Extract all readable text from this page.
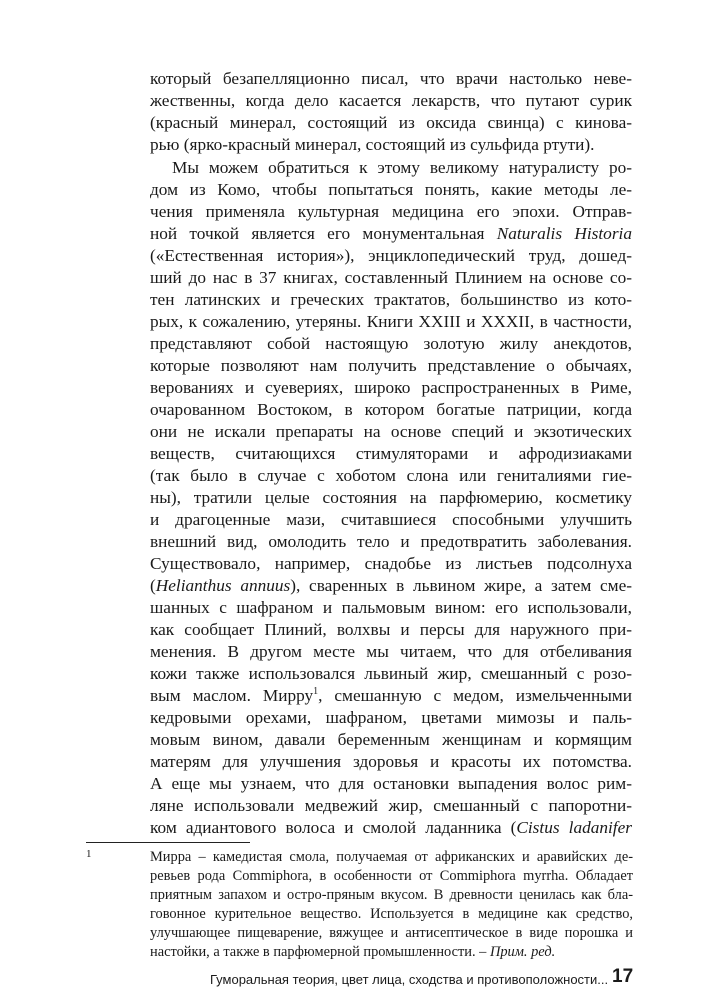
который безапелляционно писал, что врачи настолько неве-
жественны, когда дело касается лекарств, что путают сурик
(красный минерал, состоящий из оксида свинца) с кинова-
рью (ярко-красный минерал, состоящий из сульфида ртути).
Мы можем обратиться к этому великому натуралисту ро-
дом из Комо, чтобы попытаться понять, какие методы ле-
чения применяла культурная медицина его эпохи. Отправ-
ной точкой является его монументальная Naturalis Historia
(«Естественная история»), энциклопедический труд, дошед-
ший до нас в 37 книгах, составленный Плинием на основе со-
тен латинских и греческих трактатов, большинство из кото-
рых, к сожалению, утеряны. Книги XXIII и XXXII, в частности,
представляют собой настоящую золотую жилу анекдотов,
которые позволяют нам получить представление о обычаях,
верованиях и суевериях, широко распространенных в Риме,
очарованном Востоком, в котором богатые патриции, когда
они не искали препараты на основе специй и экзотических
веществ, считающихся стимуляторами и афродизиаками
(так было в случае с хоботом слона или гениталиями гие-
ны), тратили целые состояния на парфюмерию, косметику
и драгоценные мази, считавшиеся способными улучшить
внешний вид, омолодить тело и предотвратить заболевания.
Существовало, например, снадобье из листьев подсолнуха
(Helianthus annuus), сваренных в львином жире, а затем сме-
шанных с шафраном и пальмовым вином: его использовали,
как сообщает Плиний, волхвы и персы для наружного при-
менения. В другом месте мы читаем, что для отбеливания
кожи также использовался львиный жир, смешанный с розо-
вым маслом. Мирру$^1$, смешанную с медом, измельченными
кедровыми орехами, шафраном, цветами мимозы и паль-
мовым вином, давали беременным женщинам и кормящим
матерям для улучшения здоровья и красоты их потомства.
А еще мы узнаем, что для остановки выпадения волос рим-
ляне использовали медвежий жир, смешанный с папоротни-
ком адиантового волоса и смолой ладанника (Cistus ladanifer
1	Мирра – камедистая смола, получаемая от африканских и аравийских де-
ревьев рода Commiphora, в особенности от Commiphora myrrha. Обладает
приятным запахом и остро-пряным вкусом. В древности ценилась как бла-
говонное курительное вещество. Используется в медицине как средство,
улучшающее пищеварение, вяжущее и антисептическое в виде порошка и
настойки, а также в парфюмерной промышленности. – Прим. ред.
Гуморальная теория, цвет лица, сходства и противоположности... 17
